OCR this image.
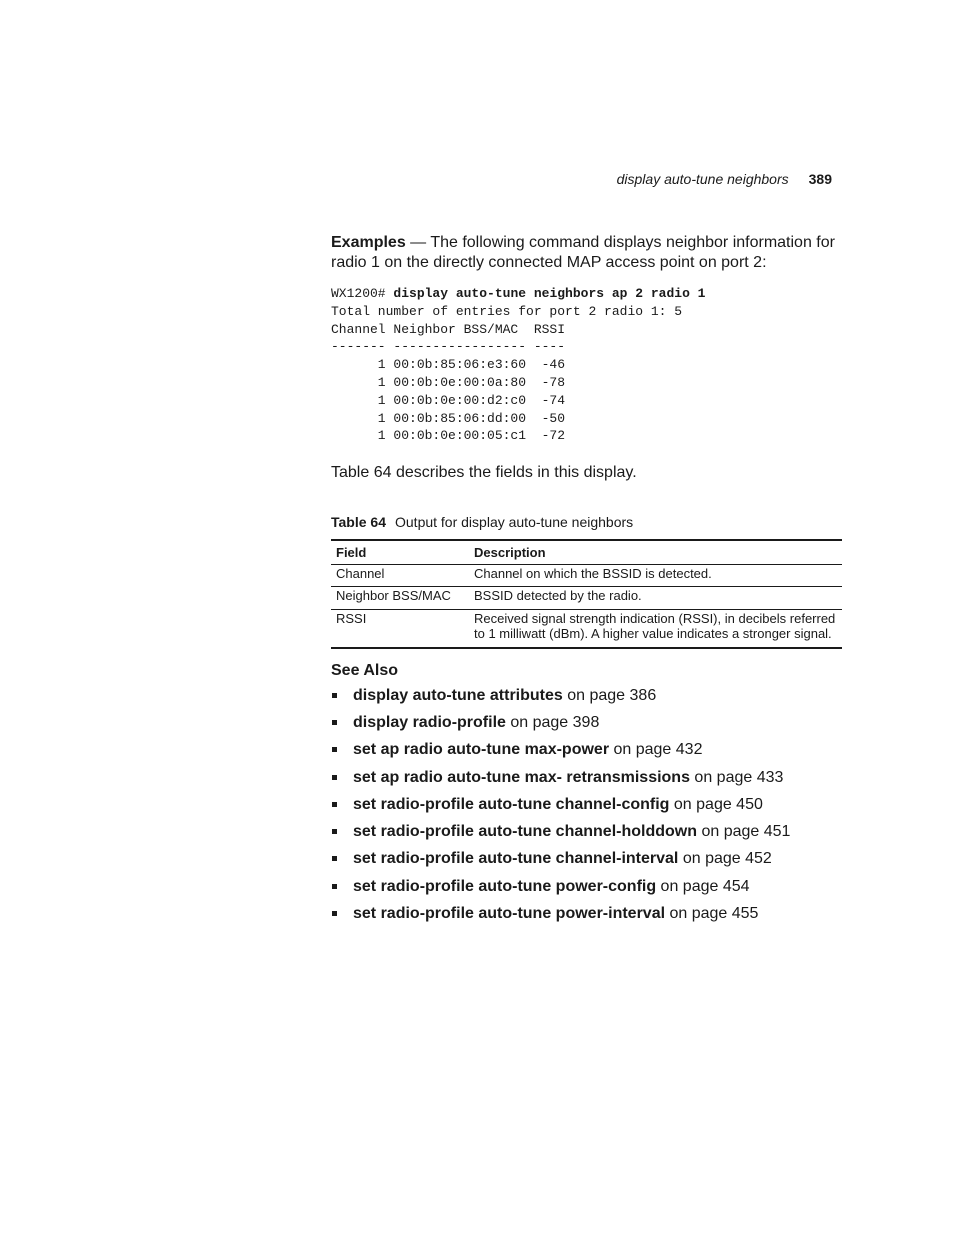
display auto-tune neighbors 389

Examples — The following command displays neighbor information for radio 1 on the directly connected MAP access point on port 2:

WX1200# display auto-tune neighbors ap 2 radio 1
Total number of entries for port 2 radio 1: 5
Channel Neighbor BSS/MAC  RSSI
------- ----------------- ----
1 00:0b:85:06:e3:60  -46
1 00:0b:0e:00:0a:80  -78
1 00:0b:0e:00:d2:c0  -74
1 00:0b:85:06:dd:00  -50
1 00:0b:0e:00:05:c1  -72

Table 64 describes the fields in this display.

Table 64 Output for display auto-tune neighbors

Field	Description
Channel	Channel on which the BSSID is detected.
Neighbor BSS/MAC	BSSID detected by the radio.
RSSI	Received signal strength indication (RSSI), in decibels referred to 1 milliwatt (dBm). A higher value indicates a stronger signal.

See Also

display auto-tune attributes on page 386
display radio-profile on page 398
set ap radio auto-tune max-power on page 432
set ap radio auto-tune max- retransmissions on page 433
set radio-profile auto-tune channel-config on page 450
set radio-profile auto-tune channel-holddown on page 451
set radio-profile auto-tune channel-interval on page 452
set radio-profile auto-tune power-config on page 454
set radio-profile auto-tune power-interval on page 455
